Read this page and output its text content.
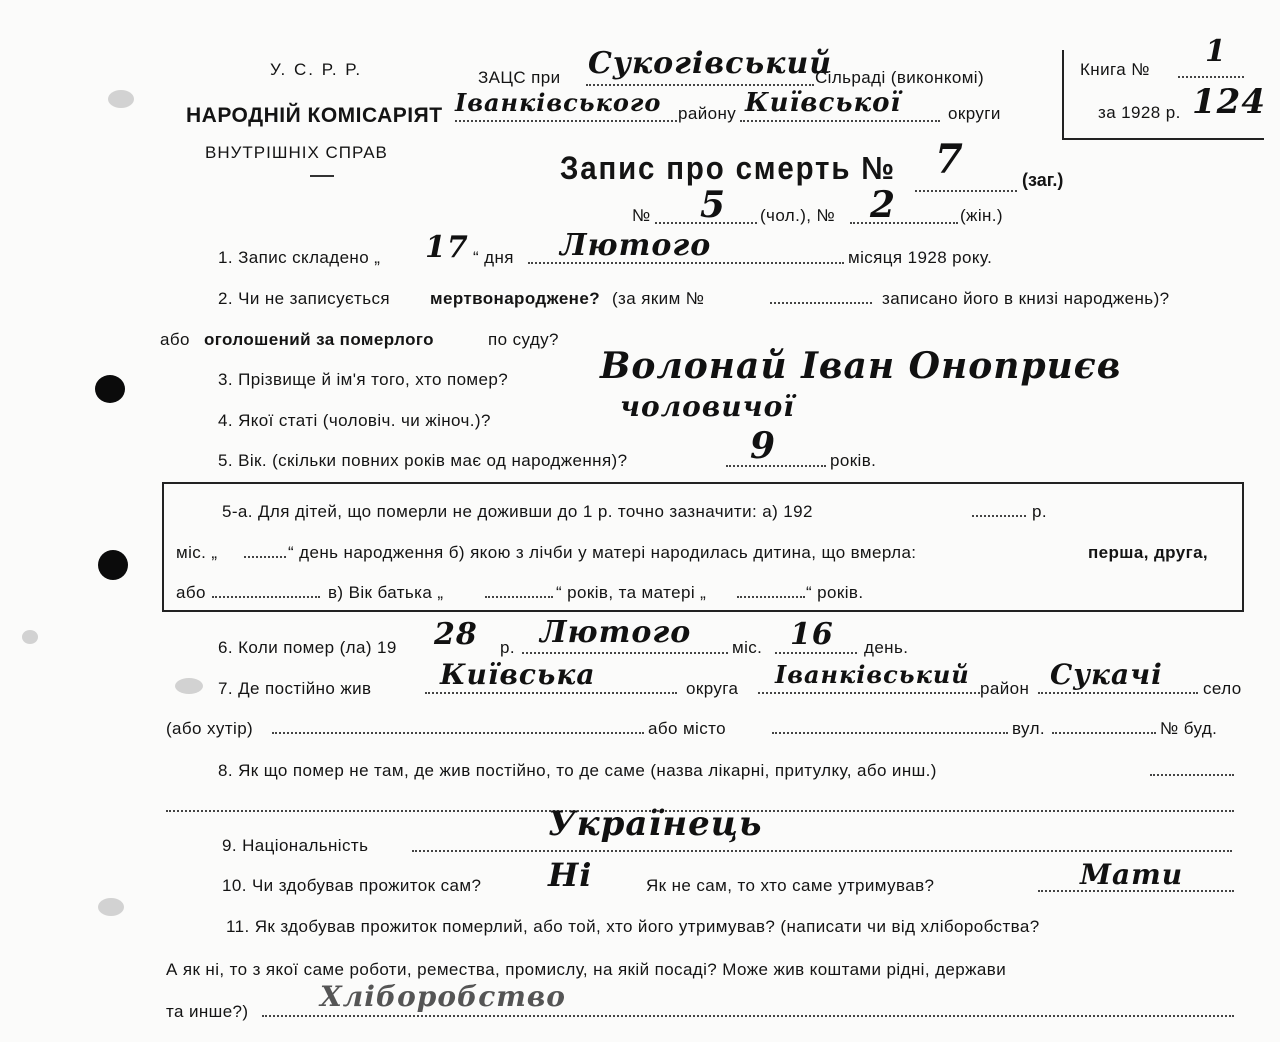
У. С. Р. Р.
НАРОДНІЙ КОМІСАРІЯТ
ВНУТРІШНІХ СПРАВ
ЗАЦС при Сукогівський
Сільраді (виконкомі)
Іванківського району Київської	округи
Книга №
1
за 1928 р. 124
Запис про смерть № 7	(заг.)
№ 5 (чол.), № 2	(жін.)
1. Запис складено „ 17 “ дня Лютого	місяця 1928 року.
2. Чи не записується мертвонароджене? (за яким №	записано його в книзі народжень)?
або оголошений за померлого	по суду?
3. Прізвище й ім'я того, хто помер?	Волонай Іван Оноприєв
4. Якої статі (чоловіч. чи жіноч.)?	чоловичої
5. Вік. (скільки повних років має од народження)?	9	років.
5-а. Для дітей, що померли не доживши до 1 р. точно зазначити: а) 192	р.
міс. „	“ день народження б) якою з лічби у матері народилась дитина, що вмерла:	перша, друга,
або	в) Вік батька „	“ років, та матері „	“ років.
6. Коли помер (ла) 19 28 р. Лютого міс. 16 день.
7. Де постійно жив Київська	округа Іванківський район Сукачі село
(або хутір)	або місто	вул.	№ буд.
8. Як що помер не там, де жив постійно, то де саме (назва лікарні, притулку, або инш.)
9. Національність
Українець
10. Чи здобував прожиток сам? Ні	Як не сам, то хто саме утримував?	Мати
11. Як здобував прожиток померлий, або той, хто його утримував? (написати чи від хліборобства?
А як ні, то з якої саме роботи, ремества, промислу, на якій посаді? Може жив коштами рідні, держави
та инше?)	Хліборобство
